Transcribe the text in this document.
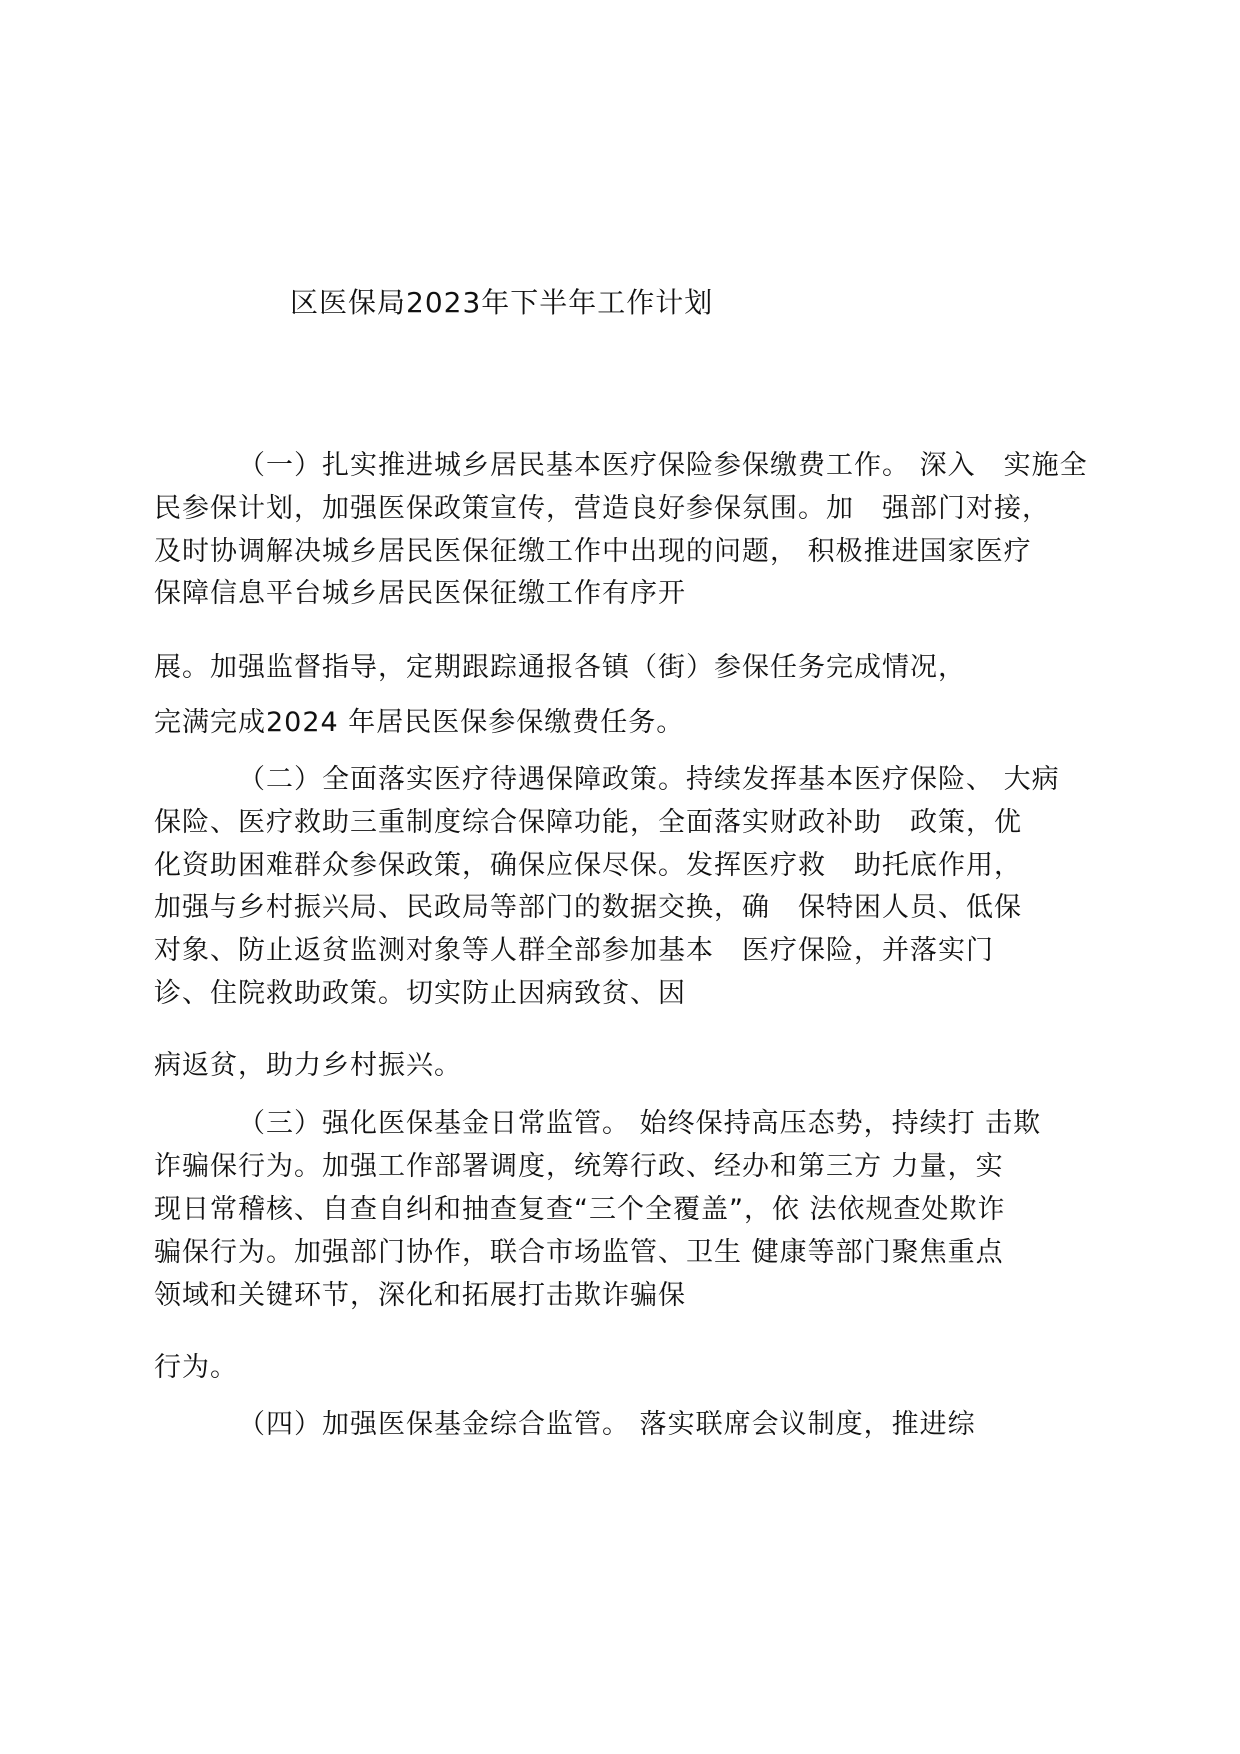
区医保局2023年下半年工作计划
（一）扎实推进城乡居民基本医疗保险参保缴费工作。 深入　实施全
民参保计划，加强医保政策宣传，营造良好参保氛围。加　强部门对接，
及时协调解决城乡居民医保征缴工作中出现的问题， 积极推进国家医疗
保障信息平台城乡居民医保征缴工作有序开
展。加强监督指导，定期跟踪通报各镇（街）参保任务完成情况，
完满完成2024 年居民医保参保缴费任务。
（二）全面落实医疗待遇保障政策。持续发挥基本医疗保险、 大病
保险、医疗救助三重制度综合保障功能，全面落实财政补助　政策，优
化资助困难群众参保政策，确保应保尽保。发挥医疗救　助托底作用，
加强与乡村振兴局、民政局等部门的数据交换，确　保特困人员、低保
对象、防止返贫监测对象等人群全部参加基本　医疗保险，并落实门
诊、住院救助政策。切实防止因病致贫、因
病返贫，助力乡村振兴。
（三）强化医保基金日常监管。 始终保持高压态势，持续打 击欺
诈骗保行为。加强工作部署调度，统筹行政、经办和第三方 力量，实
现日常稽核、自查自纠和抽查复查“三个全覆盖”，依 法依规查处欺诈
骗保行为。加强部门协作，联合市场监管、卫生 健康等部门聚焦重点
领域和关键环节，深化和拓展打击欺诈骗保
行为。
（四）加强医保基金综合监管。 落实联席会议制度，推进综
